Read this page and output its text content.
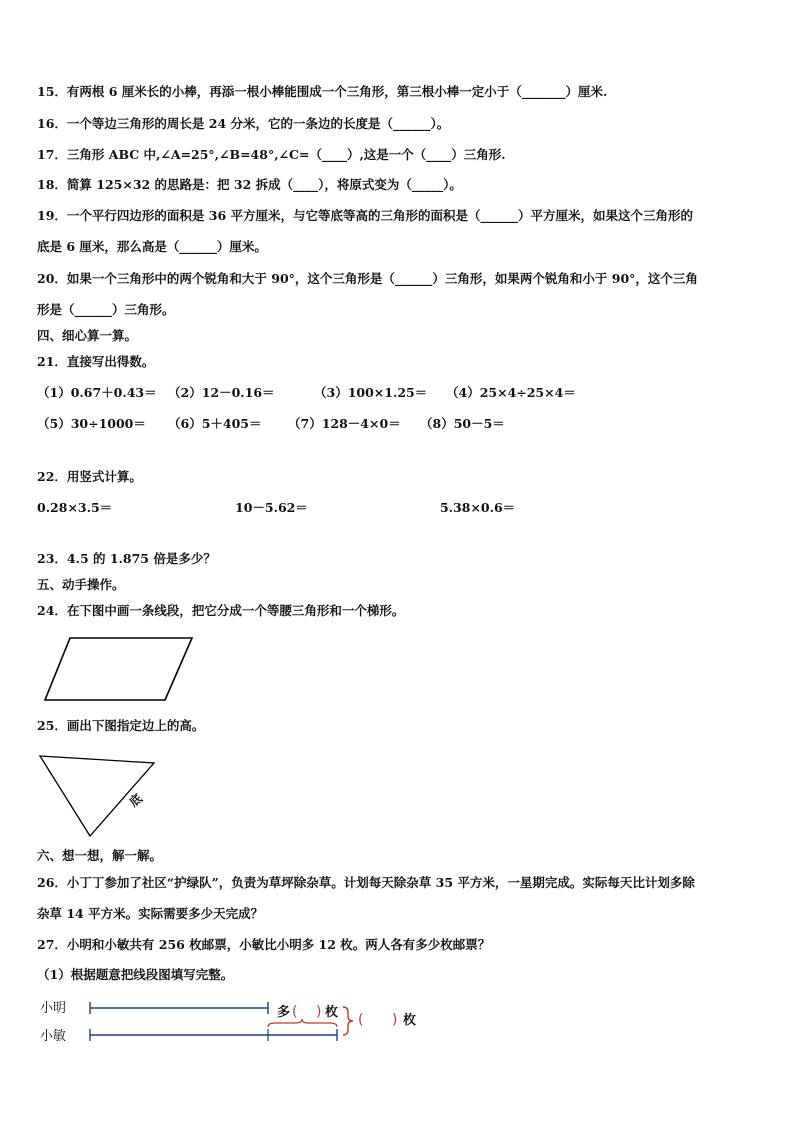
15．有两根 6 厘米长的小棒，再添一根小棒能围成一个三角形，第三根小棒一定小于（_______）厘米.
16．一个等边三角形的周长是 24 分米，它的一条边的长度是（______）。
17．三角形 ABC 中,∠A=25°,∠B=48°,∠C=（____）,这是一个（____）三角形.
18．简算 125×32 的思路是：把 32 拆成（____），将原式变为（_____）。
19．一个平行四边形的面积是 36 平方厘米，与它等底等高的三角形的面积是（______）平方厘米，如果这个三角形的
底是 6 厘米，那么高是（______）厘米。
20．如果一个三角形中的两个锐角和大于 90°，这个三角形是（______）三角形，如果两个锐角和小于 90°，这个三角
形是（______）三角形。
四、细心算一算。
21．直接写出得数。
（1）0.67＋0.43＝ （2）12－0.16＝	（3）100×1.25＝ （4）25×4÷25×4＝
（5）30÷1000＝ （6）5＋405＝ （7）128－4×0＝ （8）50－5＝
22．用竖式计算。
0.28×3.5＝	10－5.62＝	5.38×0.6＝
23．4.5 的 1.875 倍是多少？
五、动手操作。
24．在下图中画一条线段，把它分成一个等腰三角形和一个梯形。
底
25．画出下图指定边上的高。
六、想一想，解一解。
26．小丁丁参加了社区“护绿队”，负责为草坪除杂草。计划每天除杂草 35 平方米，一星期完成。实际每天比计划多除
杂草 14 平方米。实际需要多少天完成？
27．小明和小敏共有 256 枚邮票，小敏比小明多 12 枚。两人各有多少枚邮票？
（1）根据题意把线段图填写完整。
小明
小敏
多 ( ) 枚 ( ) 枚
